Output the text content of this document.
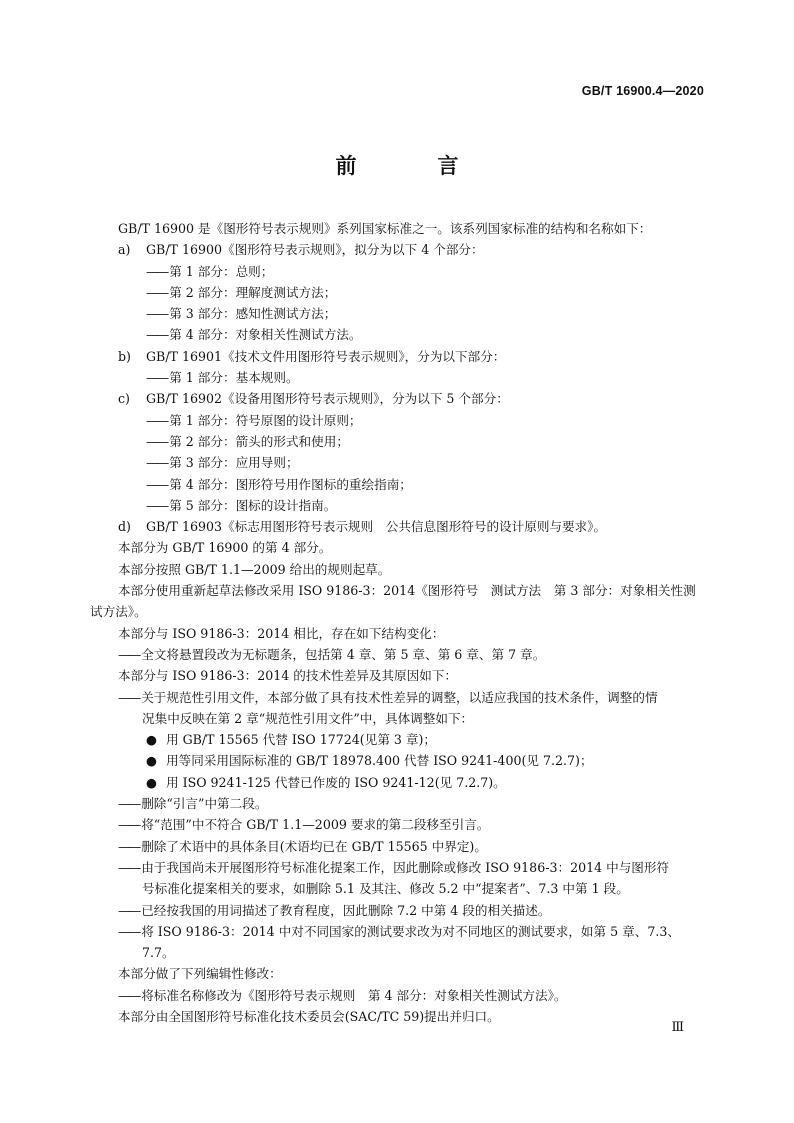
GB/T 16900.4—2020
前　言
GB/T 16900 是《图形符号表示规则》系列国家标准之一。该系列国家标准的结构和名称如下：
a)	GB/T 16900《图形符号表示规则》，拟分为以下 4 个部分：
—— 第 1 部分：总则；
—— 第 2 部分：理解度测试方法；
—— 第 3 部分：感知性测试方法；
—— 第 4 部分：对象相关性测试方法。
b)	GB/T 16901《技术文件用图形符号表示规则》，分为以下部分：
—— 第 1 部分：基本规则。
c)	GB/T 16902《设备用图形符号表示规则》，分为以下 5 个部分：
—— 第 1 部分：符号原图的设计原则；
—— 第 2 部分：箭头的形式和使用；
—— 第 3 部分：应用导则；
—— 第 4 部分：图形符号用作图标的重绘指南；
—— 第 5 部分：图标的设计指南。
d)	GB/T 16903《标志用图形符号表示规则　公共信息图形符号的设计原则与要求》。
本部分为 GB/T 16900 的第 4 部分。
本部分按照 GB/T 1.1—2009 给出的规则起草。
本部分使用重新起草法修改采用 ISO 9186-3：2014《图形符号　测试方法　第 3 部分：对象相关性测试方法》。
本部分与 ISO 9186-3：2014 相比，存在如下结构变化：
—— 全文将悬置段改为无标题条，包括第 4 章、第 5 章、第 6 章、第 7 章。
本部分与 ISO 9186-3：2014 的技术性差异及其原因如下：
—— 关于规范性引用文件，本部分做了具有技术性差异的调整，以适应我国的技术条件，调整的情
况集中反映在第 2 章“规范性引用文件”中，具体调整如下：
● 用 GB/T 15565 代替 ISO 17724(见第 3 章)；
● 用等同采用国际标准的 GB/T 18978.400 代替 ISO 9241-400(见 7.2.7)；
● 用 ISO 9241-125 代替已作废的 ISO 9241-12(见 7.2.7)。
—— 删除“引言”中第二段。
—— 将“范围”中不符合 GB/T 1.1—2009 要求的第二段移至引言。
—— 删除了术语中的具体条目(术语均已在 GB/T 15565 中界定)。
—— 由于我国尚未开展图形符号标准化提案工作，因此删除或修改 ISO 9186-3：2014 中与图形符
号标准化提案相关的要求，如删除 5.1 及其注、修改 5.2 中“提案者”、7.3 中第 1 段。
—— 已经按我国的用词描述了教育程度，因此删除 7.2 中第 4 段的相关描述。
—— 将 ISO 9186-3：2014 中对不同国家的测试要求改为对不同地区的测试要求，如第 5 章、7.3、
7.7。
本部分做了下列编辑性修改：
—— 将标准名称修改为《图形符号表示规则　第 4 部分：对象相关性测试方法》。
本部分由全国图形符号标准化技术委员会(SAC/TC 59)提出并归口。
Ⅲ
